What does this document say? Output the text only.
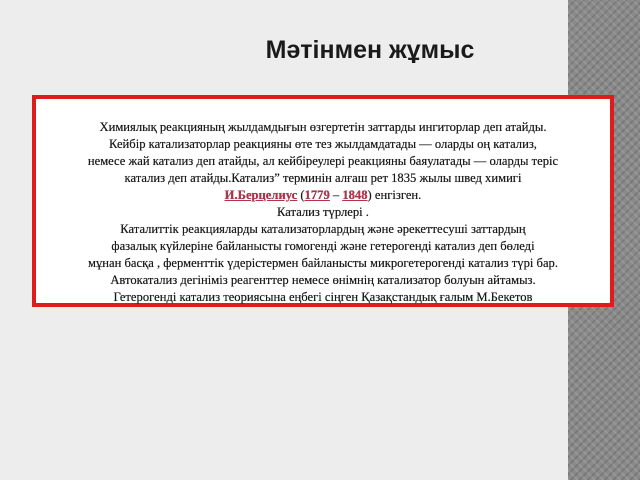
Мәтінмен жұмыс
Химиялық реакцияның жылдамдығын өзгертетін заттарды ингиторлар деп атайды.
Кейбір катализаторлар реакцияны өте тез жылдамдатады — оларды оң катализ,
немесе жай катализ деп атайды, ал кейбіреулері реакцияны баяулатады — оларды теріс
катализ деп атайды.Катализ” терминін алғаш рет 1835 жылы швед химигі
И.Берцелиус (1779 – 1848) енгізген.
Катализ түрлері .
Каталиттік реакцияларды катализаторлардың және әрекеттесуші заттардың
фазалық күйлеріне байланысты гомогенді және гетерогенді катализ деп бөледі
мұнан басқа , ферменттік үдерістермен байланысты микрогетерогенді катализ түрі бар.
Автокатализ дегініміз реагенттер немесе өнімнің катализатор болуын айтамыз.
Гетерогенді катализ теориясына еңбегі сіңген Қазақстандық ғалым М.Бекетов
